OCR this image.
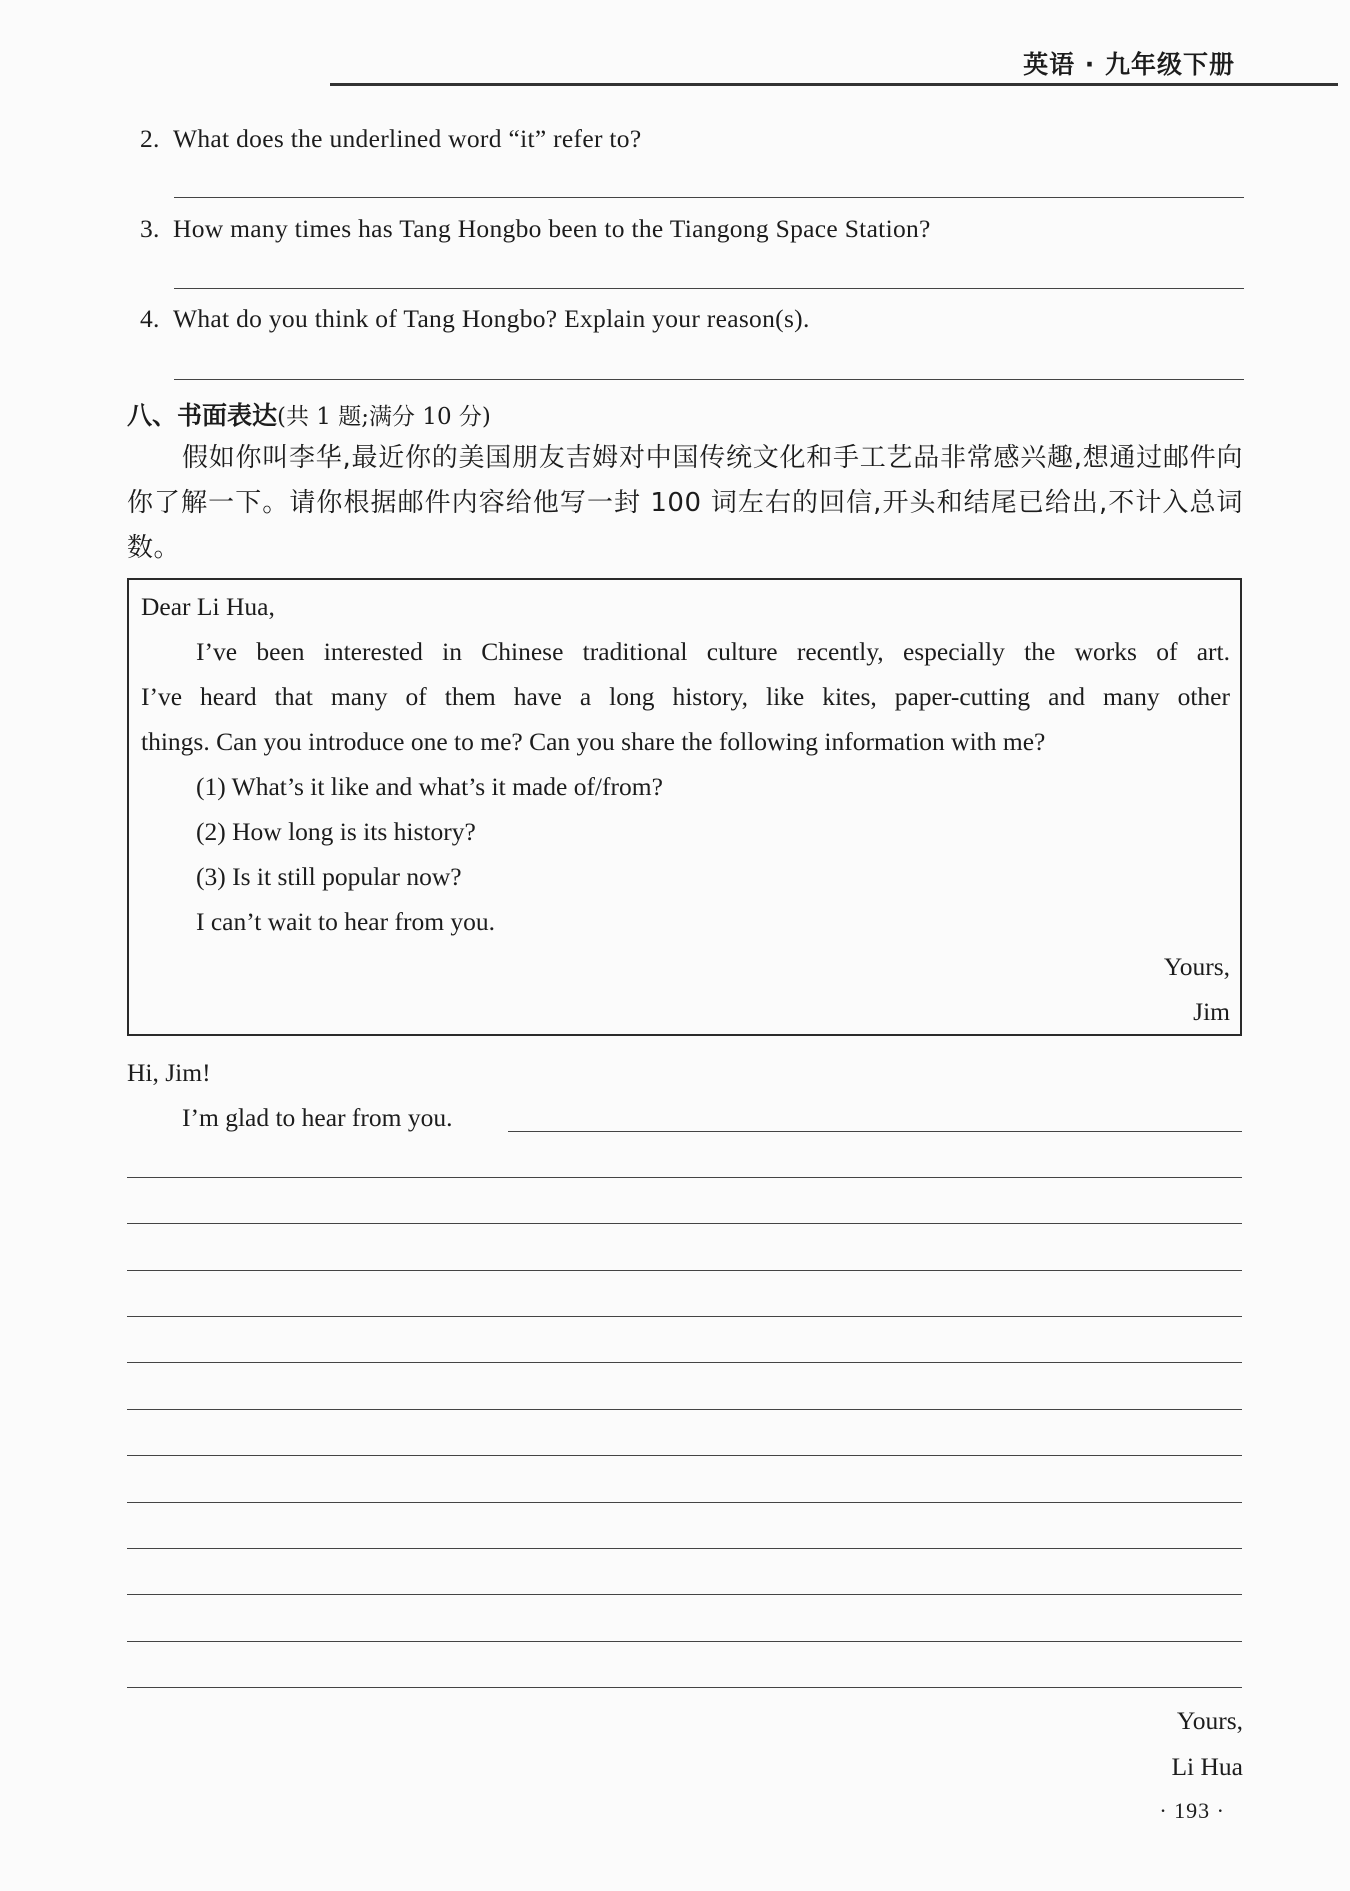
英语 · 九年级下册
2. What does the underlined word “it” refer to?
3. How many times has Tang Hongbo been to the Tiangong Space Station?
4. What do you think of Tang Hongbo? Explain your reason(s).
八、书面表达(共 1 题;满分 10 分)
假如你叫李华,最近你的美国朋友吉姆对中国传统文化和手工艺品非常感兴趣,想通过邮件向你了解一下。请你根据邮件内容给他写一封 100 词左右的回信,开头和结尾已给出,不计入总词数。
Dear Li Hua,
I’ve been interested in Chinese traditional culture recently, especially the works of art.
I’ve heard that many of them have a long history, like kites, paper-cutting and many other
things. Can you introduce one to me? Can you share the following information with me?
(1) What’s it like and what’s it made of/from?
(2) How long is its history?
(3) Is it still popular now?
I can’t wait to hear from you.
Yours,
Jim
Hi, Jim!
I’m glad to hear from you.
Yours,
Li Hua
· 193 ·
